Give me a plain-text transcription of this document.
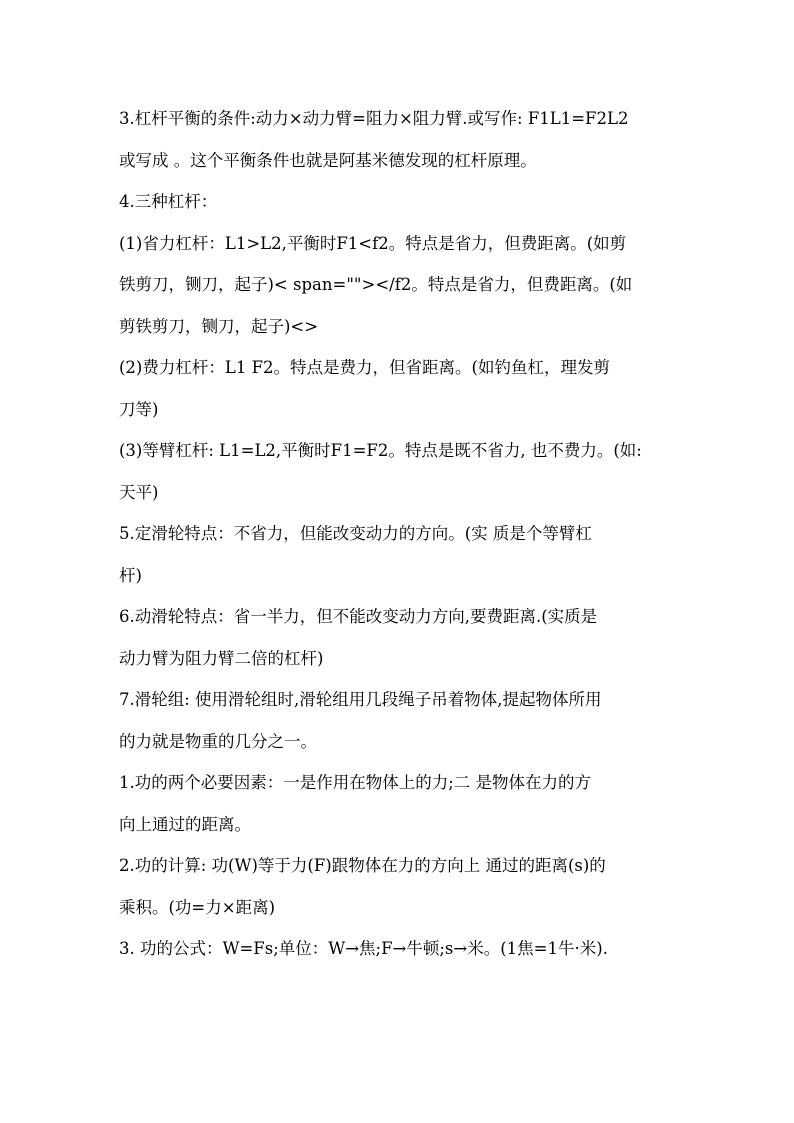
3.杠杆平衡的条件:动力×动力臂=阻力×阻力臂.或写作: F1L1=F2L2
或写成 。这个平衡条件也就是阿基米德发现的杠杆原理。
4.三种杠杆：
(1)省力杠杆：L1>L2,平衡时F1<f2。特点是省力，但费距离。(如剪
铁剪刀，铡刀，起子)< span=""></f2。特点是省力，但费距离。(如
剪铁剪刀，铡刀，起子)<>
(2)费力杠杆：L1 F2。特点是费力，但省距离。(如钓鱼杠，理发剪
刀等)
(3)等臂杠杆: L1=L2,平衡时F1=F2。特点是既不省力, 也不费力。(如:
天平)
5.定滑轮特点：不省力，但能改变动力的方向。(实 质是个等臂杠
杆)
6.动滑轮特点：省一半力，但不能改变动力方向,要费距离.(实质是
动力臂为阻力臂二倍的杠杆)
7.滑轮组: 使用滑轮组时,滑轮组用几段绳子吊着物体,提起物体所用
的力就是物重的几分之一。
1.功的两个必要因素：一是作用在物体上的力;二 是物体在力的方
向上通过的距离。
2.功的计算: 功(W)等于力(F)跟物体在力的方向上 通过的距离(s)的
乘积。(功=力×距离)
3. 功的公式：W=Fs;单位：W→焦;F→牛顿;s→米。(1焦=1牛·米).
